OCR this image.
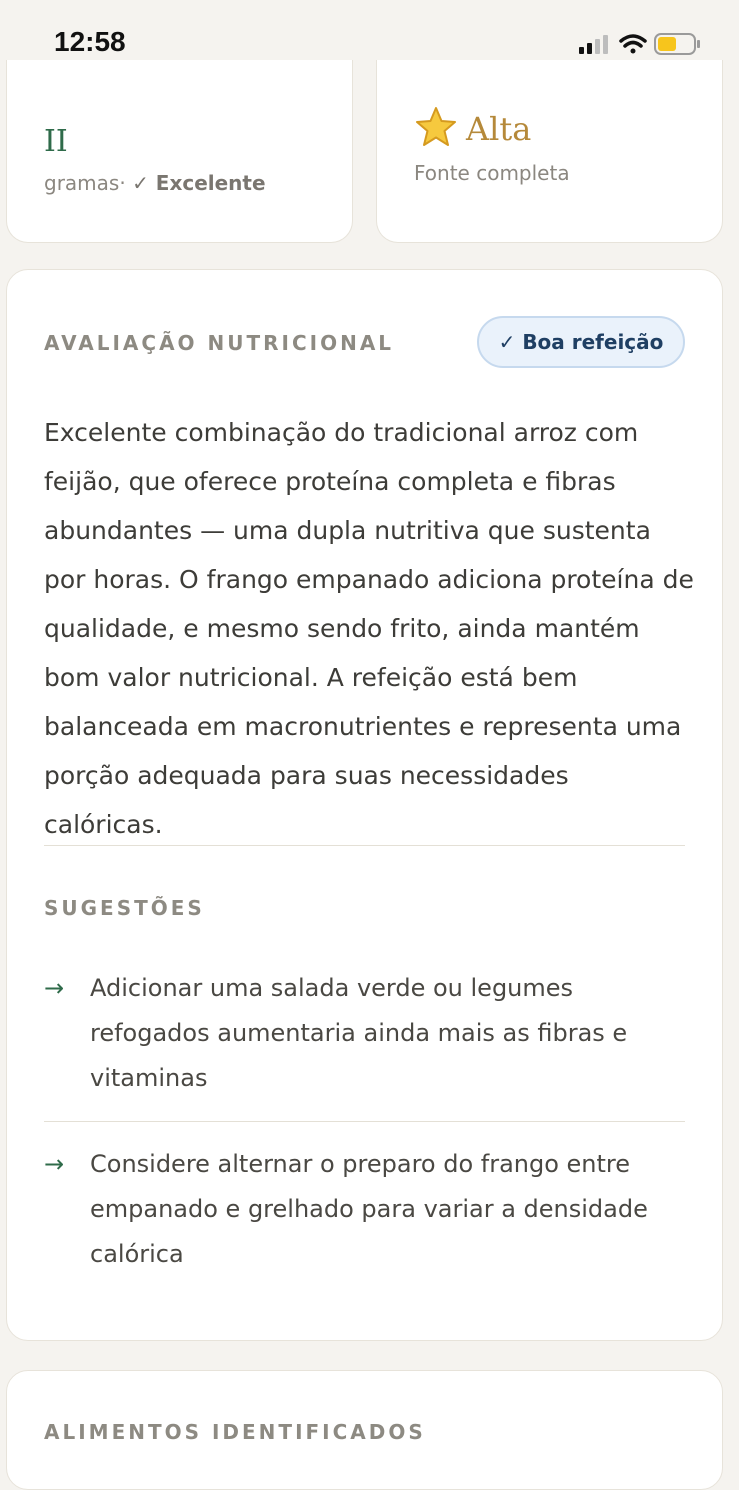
12:58
II
gramas· ✓ Excelente
Alta
Fonte completa
AVALIAÇÃO NUTRICIONAL	✓ Boa refeição
Excelente combinação do tradicional arroz com feijão, que oferece proteína completa e fibras abundantes — uma dupla nutritiva que sustenta por horas. O frango empanado adiciona proteína de qualidade, e mesmo sendo frito, ainda mantém bom valor nutricional. A refeição está bem balanceada em macronutrientes e representa uma porção adequada para suas necessidades calóricas.
SUGESTÕES
→ Adicionar uma salada verde ou legumes refogados aumentaria ainda mais as fibras e vitaminas
→ Considere alternar o preparo do frango entre empanado e grelhado para variar a densidade calórica
ALIMENTOS IDENTIFICADOS
